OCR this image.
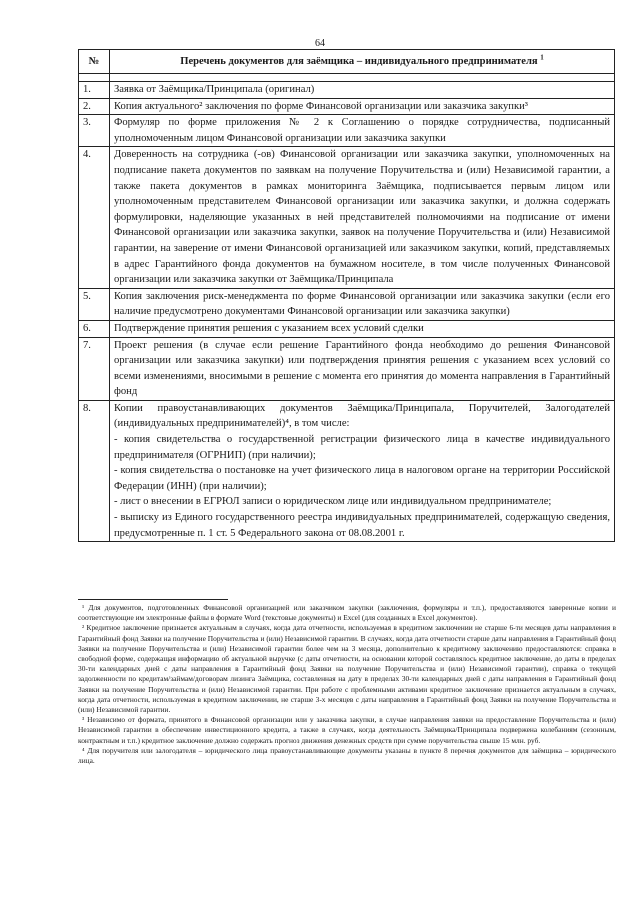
64
№	Перечень документов для заёмщика – индивидуального предпринимателя $^1$

1.	Заявка от Заёмщика/Принципала (оригинал)
2.	Копия актуального² заключения по форме Финансовой организации или заказчика закупки³
3.	Формуляр по форме приложения № 2 к Соглашению о порядке сотрудничества, подписанный уполномоченным лицом Финансовой организации или заказчика закупки
4.	Доверенность на сотрудника (-ов) Финансовой организации или заказчика закупки, уполномоченных на подписание пакета документов по заявкам на получение Поручительства и (или) Независимой гарантии, а также пакета документов в рамках мониторинга Заёмщика, подписывается первым лицом или уполномоченным представителем Финансовой организации или заказчика закупки, и должна содержать формулировки, наделяющие указанных в ней представителей полномочиями на подписание от имени Финансовой организации или заказчика закупки, заявок на получение Поручительства и (или) Независимой гарантии, на заверение от имени Финансовой организацией или заказчиком закупки, копий, представляемых в адрес Гарантийного фонда документов на бумажном носителе, в том числе полученных Финансовой организации или заказчика закупки от Заёмщика/Принципала
5.	Копия заключения риск-менеджмента по форме Финансовой организации или заказчика закупки (если его наличие предусмотрено документами Финансовой организации или заказчика закупки)
6.	Подтверждение принятия решения с указанием всех условий сделки
7.	Проект решения (в случае если решение Гарантийного фонда необходимо до решения Финансовой организации или заказчика закупки) или подтверждения принятия решения с указанием всех условий со всеми изменениями, вносимыми в решение с момента его принятия до момента направления в Гарантийный фонд
8.	Копии правоустанавливающих документов Заёмщика/Принципала, Поручителей, Залогодателей (индивидуальных предпринимателей)⁴, в том числе:
- копия свидетельства о государственной регистрации физического лица в качестве индивидуального предпринимателя (ОГРНИП) (при наличии);
- копия свидетельства о постановке на учет физического лица в налоговом органе на территории Российской Федерации (ИНН) (при наличии);
- лист о внесении в ЕГРЮЛ записи о юридическом лице или индивидуальном предпринимателе;
- выписку из Единого государственного реестра индивидуальных предпринимателей, содержащую сведения, предусмотренные п. 1 ст. 5 Федерального закона от 08.08.2001 г.

¹ Для документов, подготовленных Финансовой организацией или заказчиком закупки (заключения, формуляры и т.п.), предоставляются заверенные копии и соответствующие им электронные файлы в формате Word (текстовые документы) и Excel (для созданных в Excel документов).

² Кредитное заключение признается актуальным в случаях, когда дата отчетности, используемая в кредитном заключении не старше 6-ти месяцев даты направления в Гарантийный фонд Заявки на получение Поручительства и (или) Независимой гарантии. В случаях, когда дата отчетности старше даты направления в Гарантийный фонд Заявки на получение Поручительства и (или) Независимой гарантии более чем на 3 месяца, дополнительно к кредитному заключению предоставляются: справка в свободной форме, содержащая информацию об актуальной выручке (с даты отчетности, на основании которой составлялось кредитное заключение, до даты в пределах 30-ти календарных дней с даты направления в Гарантийный фонд Заявки на получение Поручительства и (или) Независимой гарантии), справка о текущей задолженности по кредитам/займам/договорам лизинга Заёмщика, составленная на дату в пределах 30-ти календарных дней с даты направления в Гарантийный фонд Заявки на получение Поручительства и (или) Независимой гарантии. При работе с проблемными активами кредитное заключение признается актуальным в случаях, когда дата отчетности, используемая в кредитном заключении, не старше 3-х месяцев с даты направления в Гарантийный фонд Заявки на получение Поручительства и (или) Независимой гарантии.

³ Независимо от формата, принятого в Финансовой организации или у заказчика закупки, в случае направления заявки на предоставление Поручительства и (или) Независимой гарантии в обеспечение инвестиционного кредита, а также в случаях, когда деятельность Заёмщика/Принципала подвержена колебаниям (сезонным, контрактным и т.п.) кредитное заключение должно содержать прогноз движения денежных средств при сумме поручительства свыше 15 млн. руб.

⁴ Для поручителя или залогодателя – юридического лица правоустанавливающие документы указаны в пункте 8 перечня документов для заёмщика – юридического лица.
